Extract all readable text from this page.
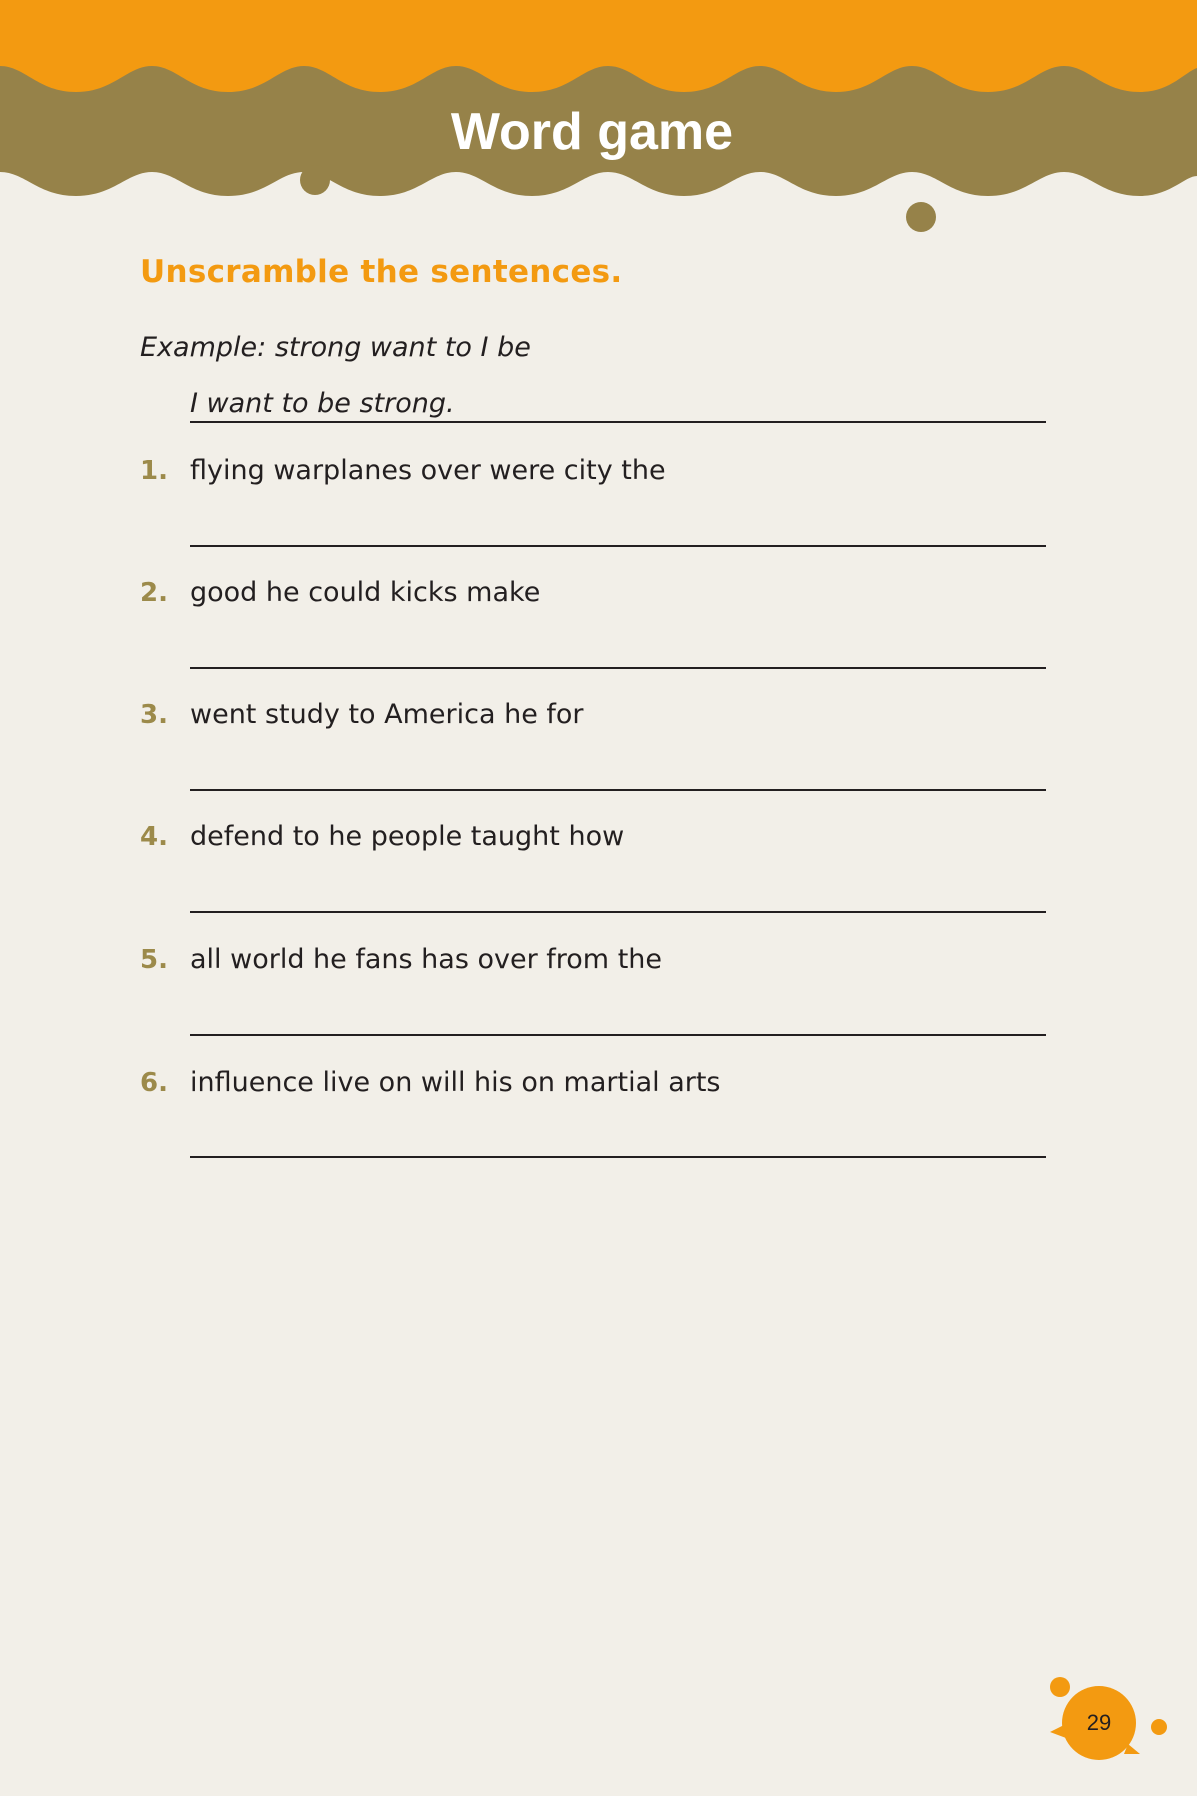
Word game
Unscramble the sentences.
Example: strong want to I be
I want to be strong.
1. flying warplanes over were city the
2. good he could kicks make
3. went study to America he for
4. defend to he people taught how
5. all world he fans has over from the
6. influence live on will his on martial arts
29
